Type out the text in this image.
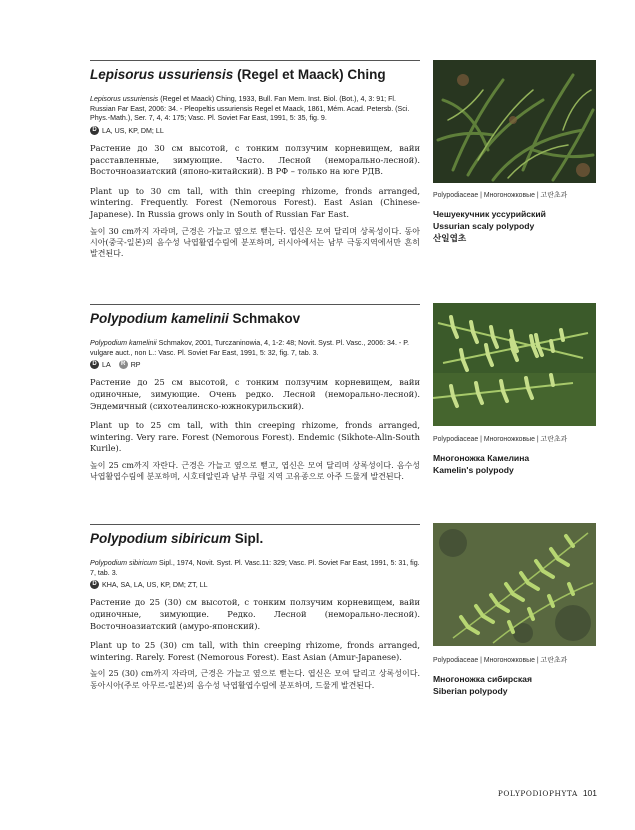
Lepisorus ussuriensis (Regel et Maack) Ching
Lepisorus ussuriensis (Regel et Maack) Ching, 1933, Bull. Fan Mem. Inst. Biol. (Bot.), 4, 3: 91; Fl. Russian Far East, 2006: 34. - Pleopeltis ussuriensis Regel et Maack, 1861, Mém. Acad. Petersb. (Sci. Phys.-Math.), Ser. 7, 4, 4: 175; Vasc. Pl. Soviet Far East, 1991, 5: 35, fig. 9.
D LA, US, KP, DM; LL
Растение до 30 см высотой, с тонким ползучим корневищем, вайи расставленные, зимующие. Часто. Лесной (неморально-лесной). Восточноазиатский (японо-китайский). В РФ – только на юге РДВ.
Plant up to 30 cm tall, with thin creeping rhizome, fronds arranged, wintering. Frequently. Forest (Nemorous Forest). East Asian (Chinese-Japanese). In Russia grows only in South of Russian Far East.
높이 30 cm까지 자라며, 근경은 가늘고 옆으로 뻗는다. 엽신은 모여 달리며 상록성이다. 동아시아(중국-일본)의 음수성 낙엽활엽수림에 분포하며, 러시아에서는 남부 극동지역에서만 흔히 발견된다.
Polypodiaceae | Многоножковые | 고란초과
Чешуекучник уссурийский
Ussurian scaly polypody
산일엽초
Polypodium kamelinii Schmakov
Polypodium kamelinii Schmakov, 2001, Turczaninowia, 4, 1-2: 48; Novit. Syst. Pl. Vasc., 2006: 34. - P. vulgare auct., non L.: Vasc. Pl. Soviet Far East, 1991, 5: 32, fig. 7, tab. 3.
D LA	R RP
Растение до 25 см высотой, с тонким ползучим корневищем, вайи одиночные, зимующие. Очень редко. Лесной (неморально-лесной). Эндемичный (сихотеалинско-южнокурильский).
Plant up to 25 cm tall, with thin creeping rhizome, fronds arranged, wintering. Very rare. Forest (Nemorous Forest). Endemic (Sikhote-Alin-South Kurile).
높이 25 cm까지 자란다. 근경은 가늘고 옆으로 뻗고, 엽신은 모여 달리며 상록성이다. 음수성 낙엽활엽수림에 분포하며, 시호테알린과 남부 쿠릴 지역 고유종으로 아주 드물게 발견된다.
Polypodiaceae | Многоножковые | 고란초과
Многоножка Камелина
Kamelin's polypody
Polypodium sibiricum Sipl.
Polypodium sibiricum Sipl., 1974, Novit. Syst. Pl. Vasc.11: 329; Vasc. Pl. Soviet Far East, 1991, 5: 31, fig. 7, tab. 3.
D KHA, SA, LA, US, KP, DM; ZT, LL
Растение до 25 (30) см высотой, с тонким ползучим корневищем, вайи одиночные, зимующие. Редко. Лесной (неморально-лесной). Восточноазиатский (амуро-японский).
Plant up to 25 (30) cm tall, with thin creeping rhizome, fronds arranged, wintering. Rarely. Forest (Nemorous Forest). East Asian (Amur-Japanese).
높이 25 (30) cm까지 자라며, 근경은 가늘고 옆으로 뻗는다. 엽신은 모여 달리고 상록성이다. 동아시아(주로 아무르-일본)의 음수성 낙엽활엽수림에 분포하며, 드물게 발견된다.
Polypodiaceae | Многоножковые | 고란초과
Многоножка сибирская
Siberian polypody
POLYPODIOPHYTA 101
